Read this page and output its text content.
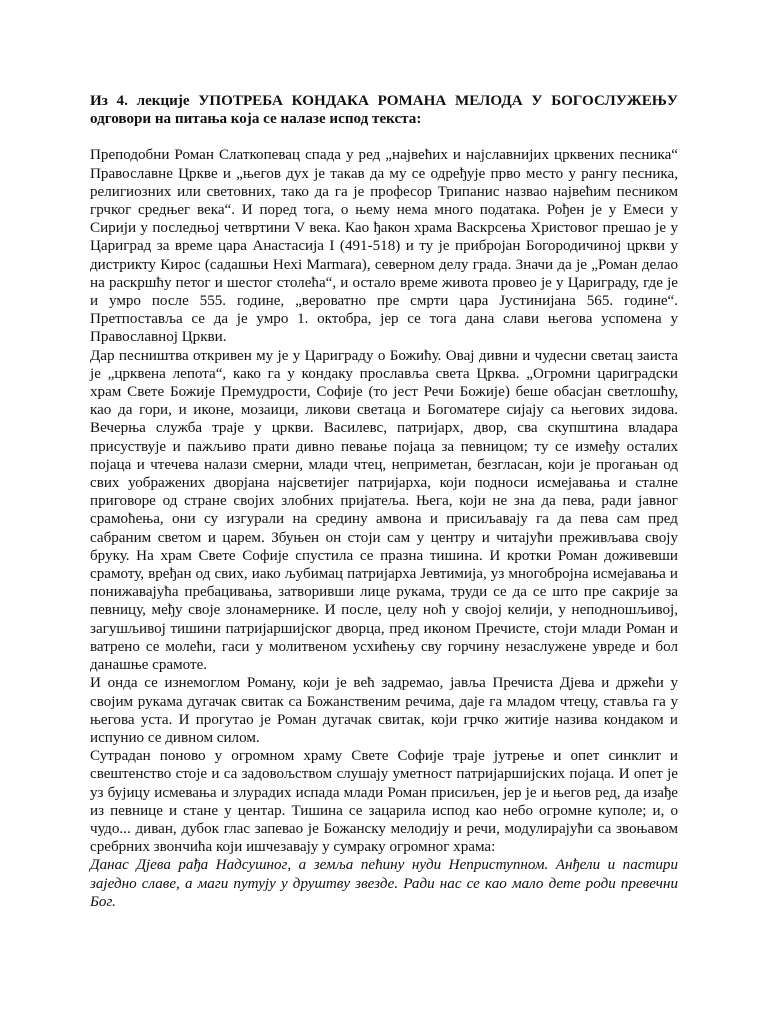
Из 4. лекције УПОТРЕБА КОНДАКА РОМАНА МЕЛОДА У БОГОСЛУЖЕЊУ одговори на питања која се налазе испод текста:

Преподобни Роман Слаткопевац спада у ред „највећих и најславнијих црквених песника“ Православне Цркве и „његов дух је такав да му се одређује прво место у рангу песника, религиозних или световних, тако да га је професор Трипанис назвао највећим песником грчког средњег века“. И поред тога, о њему нема много података. Рођен је у Емеси у Сирији у последњој четвртини V века. Као ђакон храма Васкрсења Христовог прешао је у Цариград за време цара Анастасија I (491-518) и ту је прибројан Богородичиној цркви у дистрикту Кирос (садашњи Hexi Marmara), северном делу града. Значи да је „Роман делао на раскршћу петог и шестог столећа“, и остало време живота провео је у Цариграду, где је и умро после 555. године, „вероватно пре смрти цара Јустинијана 565. године“. Претпоставља се да је умро 1. октобра, јер се тога дана слави његова успомена у Православној Цркви.

Дар песништва откривен му је у Цариграду о Божићу. Овај дивни и чудесни светац заиста је „црквена лепота“, како га у кондаку прославља света Црква. „Огромни цариградски храм Свете Божије Премудрости, Софије (то јест Речи Божије) беше обасјан светлошћу, као да гори, и иконе, мозаици, ликови светаца и Богоматере сијају са његових зидова. Вечерња служба траје у цркви. Василевс, патријарх, двор, сва скупштина владара присуствује и пажљиво прати дивно певање појаца за певницом; ту се између осталих појаца и чтечева налази смерни, млади чтец, неприметан, безгласан, који је прогањан од свих уображених дворјана најсветијег патријарха, који подноси исмејавања и сталне приговоре од стране својих злобних пријатеља. Њега, који не зна да пева, ради јавног срамоћења, они су изгурали на средину амвона и присиљавају га да пева сам пред сабраним светом и царем. Збуњен он стоји сам у центру и читајући преживљава своју бруку. На храм Свете Софије спустила се празна тишина. И кротки Роман доживевши срамоту, вређан од свих, иако љубимац патријарха Јевтимија, уз многобројна исмејавања и понижавајућа пребацивања, затворивши лице рукама, труди се да се што пре сакрије за певницу, међу своје злонамернике. И после, целу ноћ у својој келији, у неподношљивој, загушљивој тишини патријаршијског дворца, пред иконом Пречисте, стоји млади Роман и ватрено се молећи, гаси у молитвеном усхићењу сву горчину незаслужене увреде и бол данашње срамоте.

И онда се изнемоглом Роману, који је већ задремао, јавља Пречиста Дјева и држећи у својим рукама дугачак свитак са Божанственим речима, даје га младом чтецу, ставља га у његова уста. И прогутао је Роман дугачак свитак, који грчко житије назива кондаком и испунио се дивном силом.

Сутрадан поново у огромном храму Свете Софије траје јутрење и опет синклит и свештенство стоје и са задовољством слушају уметност патријаршијских појаца. И опет је уз бујицу исмевања и злурадих испада млади Роман присиљен, јер је и његов ред, да изађе из певнице и стане у центар. Тишина се зацарила испод као небо огромне куполе; и, о чудо... диван, дубок глас запевао је Божанску мелодију и речи, модулирајући са звоњавом сребрних звончића који ишчезавају у сумраку огромног храма:

Данас Дјева рађа Надсушног, а земља пећину нуди Неприступном. Анђели и пастири заједно славе, а маги путују у друштву звезде. Ради нас се као мало дете роди превечни Бог.
